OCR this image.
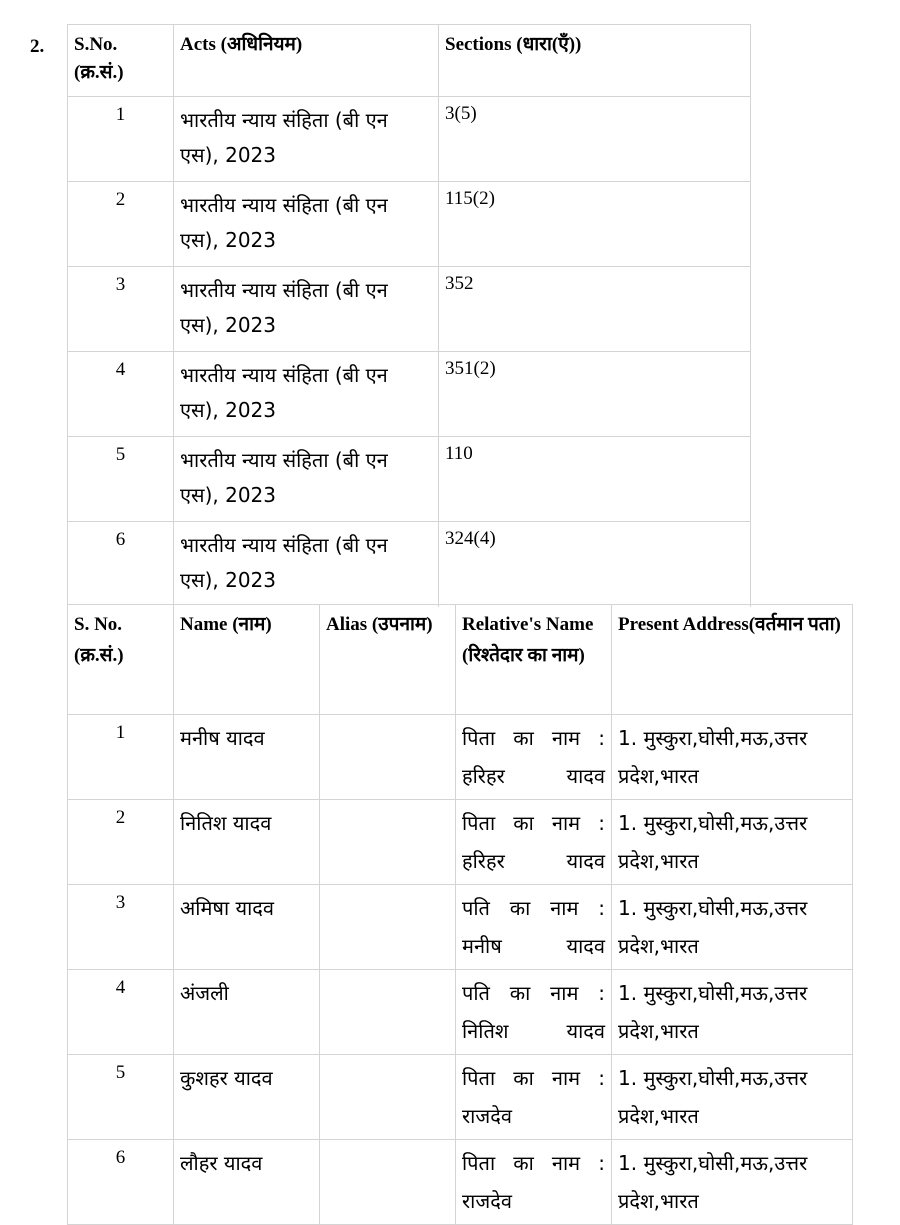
2. S.No. (क्र.सं.)	Acts (अधिनियम)	Sections (धारा(एँ))
1	भारतीय न्याय संहिता (बी एन एस), 2023	3(5)
2	भारतीय न्याय संहिता (बी एन एस), 2023	115(2)
3	भारतीय न्याय संहिता (बी एन एस), 2023	352
4	भारतीय न्याय संहिता (बी एन एस), 2023	351(2)
5	भारतीय न्याय संहिता (बी एन एस), 2023	110
6	भारतीय न्याय संहिता (बी एन एस), 2023	324(4)
S. No. (क्र.सं.)	Name (नाम)	Alias (उपनाम)	Relative's Name (रिश्तेदार का नाम)	Present Address(वर्तमान पता)
1	मनीष यादव		पिता का नाम : हरिहर यादव	1. मुस्कुरा,घोसी,मऊ,उत्तर प्रदेश,भारत
2	नितिश यादव		पिता का नाम : हरिहर यादव	1. मुस्कुरा,घोसी,मऊ,उत्तर प्रदेश,भारत
3	अमिषा यादव		पति का नाम : मनीष यादव	1. मुस्कुरा,घोसी,मऊ,उत्तर प्रदेश,भारत
4	अंजली		पति का नाम : नितिश यादव	1. मुस्कुरा,घोसी,मऊ,उत्तर प्रदेश,भारत
5	कुशहर यादव		पिता का नाम : राजदेव	1. मुस्कुरा,घोसी,मऊ,उत्तर प्रदेश,भारत
6	लौहर यादव		पिता का नाम : राजदेव	1. मुस्कुरा,घोसी,मऊ,उत्तर प्रदेश,भारत
